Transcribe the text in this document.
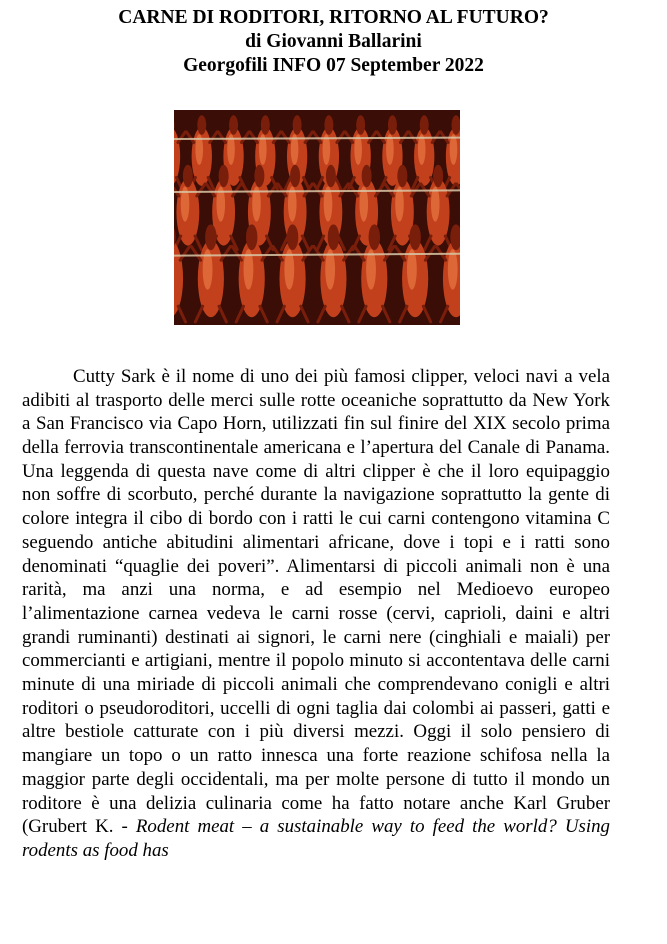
CARNE DI RODITORI, RITORNO AL FUTURO?
di Giovanni Ballarini
Georgofili INFO 07 September 2022

Cutty Sark è il nome di uno dei più famosi clipper, veloci navi a vela adibiti al trasporto delle merci sulle rotte oceaniche soprattutto da New York a San Francisco via Capo Horn, utilizzati fin sul finire del XIX secolo prima della ferrovia transcontinentale americana e l’apertura del Canale di Panama. Una leggenda di questa nave come di altri clipper è che il loro equipaggio non soffre di scorbuto, perché durante la navigazione soprattutto la gente di colore integra il cibo di bordo con i ratti le cui carni contengono vitamina C seguendo antiche abitudini alimentari africane, dove i topi e i ratti sono denominati “quaglie dei poveri”. Alimentarsi di piccoli animali non è una rarità, ma anzi una norma, e ad esempio nel Medioevo europeo l’alimentazione carnea vedeva le carni rosse (cervi, caprioli, daini e altri grandi ruminanti) destinati ai signori, le carni nere (cinghiali e maiali) per commercianti e artigiani, mentre il popolo minuto si accontentava delle carni minute di una miriade di piccoli animali che comprendevano conigli e altri roditori o pseudoroditori, uccelli di ogni taglia dai colombi ai passeri, gatti e altre bestiole catturate con i più diversi mezzi. Oggi il solo pensiero di mangiare un topo o un ratto innesca una forte reazione schifosa nella la maggior parte degli occidentali, ma per molte persone di tutto il mondo un roditore è una delizia culinaria come ha fatto notare anche Karl Gruber (Grubert K. - Rodent meat – a sustainable way to feed the world? Using rodents as food has
